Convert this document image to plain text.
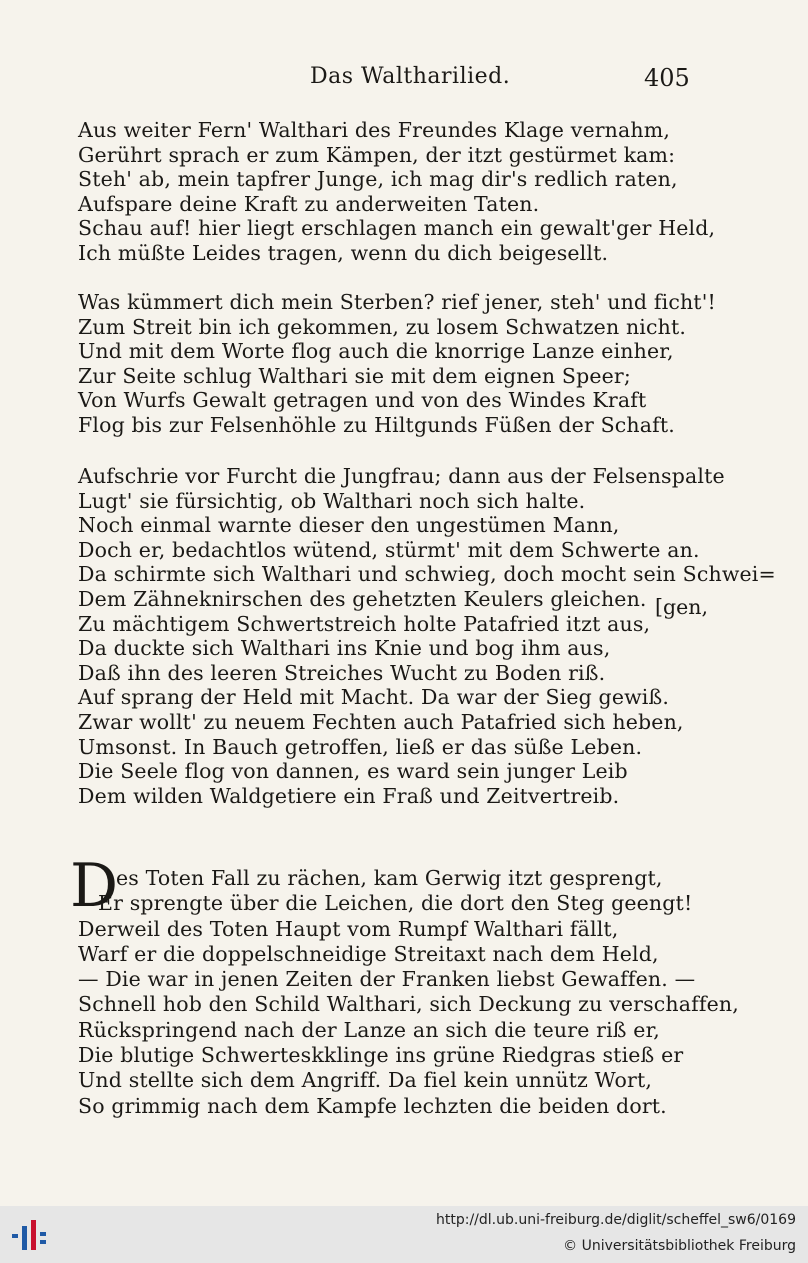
Das Waltharilied.	405
Aus weiter Fern' Walthari des Freundes Klage vernahm,
Gerührt sprach er zum Kämpen, der itzt gestürmet kam:
Steh' ab, mein tapfrer Junge, ich mag dir's redlich raten,
Aufspare deine Kraft zu anderweiten Taten.
Schau auf! hier liegt erschlagen manch ein gewalt'ger Held,
Ich müßte Leides tragen, wenn du dich beigesellt.
Was kümmert dich mein Sterben? rief jener, steh' und ficht'!
Zum Streit bin ich gekommen, zu losem Schwatzen nicht.
Und mit dem Worte flog auch die knorrige Lanze einher,
Zur Seite schlug Walthari sie mit dem eignen Speer;
Von Wurfs Gewalt getragen und von des Windes Kraft
Flog bis zur Felsenhöhle zu Hiltgunds Füßen der Schaft.
Aufschrie vor Furcht die Jungfrau; dann aus der Felsenspalte
Lugt' sie fürsichtig, ob Walthari noch sich halte.
Noch einmal warnte dieser den ungestümen Mann,
Doch er, bedachtlos wütend, stürmt' mit dem Schwerte an.
Da schirmte sich Walthari und schwieg, doch mocht sein Schwei=
Dem Zähneknirschen des gehetzten Keulers gleichen.
Zu mächtigem Schwertstreich holte Patafried itzt aus,
Da duckte sich Walthari ins Knie und bog ihm aus,
Daß ihn des leeren Streiches Wucht zu Boden riß.
Auf sprang der Held mit Macht. Da war der Sieg gewiß.
Zwar wollt' zu neuem Fechten auch Patafried sich heben,
Umsonst. In Bauch getroffen, ließ er das süße Leben.
Die Seele flog von dannen, es ward sein junger Leib
Dem wilden Waldgetiere ein Fraß und Zeitvertreib.
[gen,
D
es Toten Fall zu rächen, kam Gerwig itzt gesprengt,
Er sprengte über die Leichen, die dort den Steg geengt!
Derweil des Toten Haupt vom Rumpf Walthari fällt,
Warf er die doppelschneidige Streitaxt nach dem Held,
— Die war in jenen Zeiten der Franken liebst Gewaffen. —
Schnell hob den Schild Walthari, sich Deckung zu verschaffen,
Rückspringend nach der Lanze an sich die teure riß er,
Die blutige Schwerteskklinge ins grüne Riedgras stieß er
Und stellte sich dem Angriff. Da fiel kein unnütz Wort,
So grimmig nach dem Kampfe lechzten die beiden dort.
http://dl.ub.uni-freiburg.de/diglit/scheffel_sw6/0169
© Universitätsbibliothek Freiburg
